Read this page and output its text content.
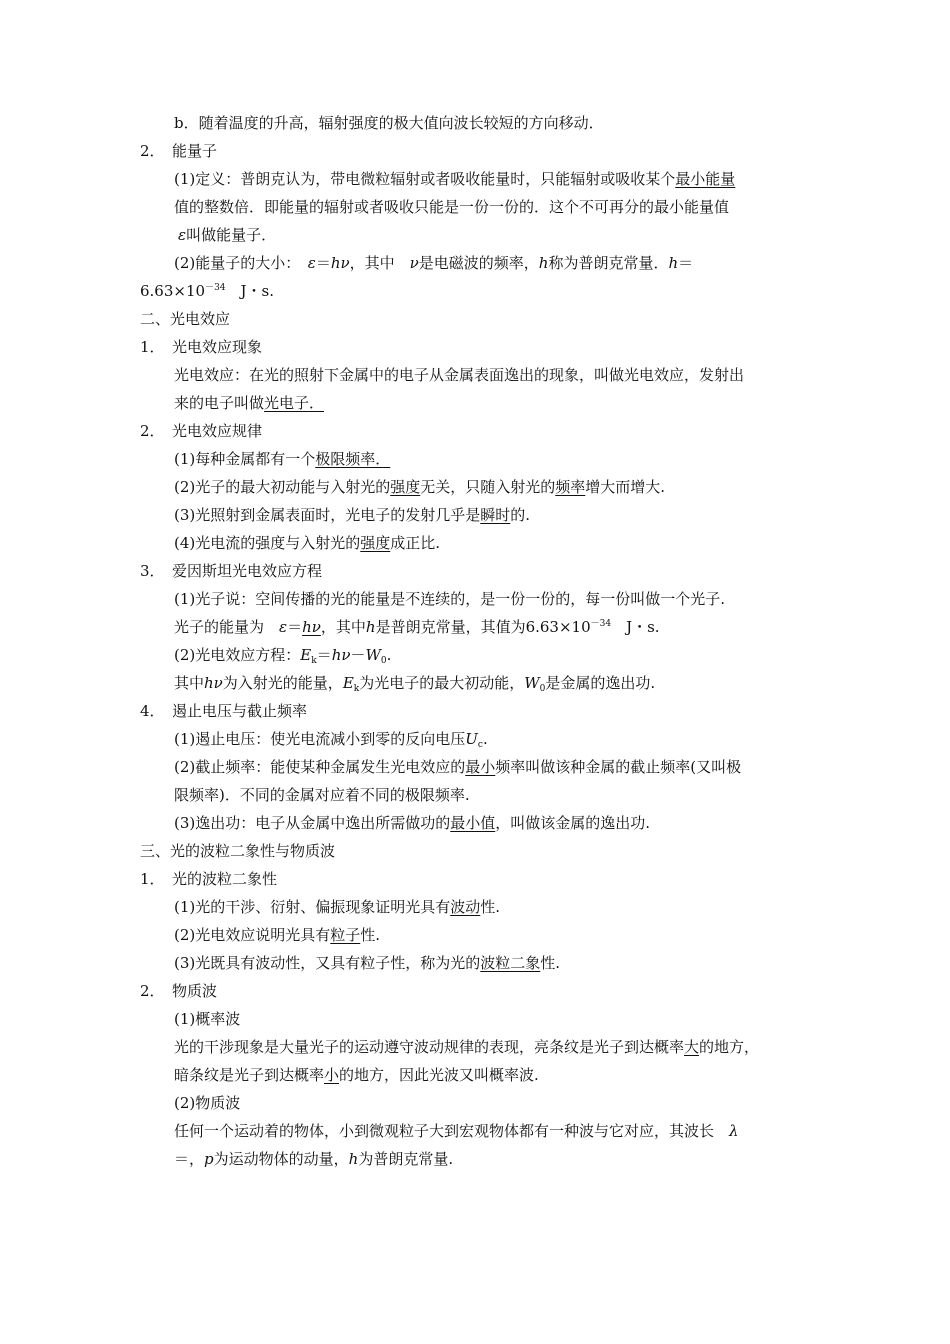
b．随着温度的升高，辐射强度的极大值向波长较短的方向移动．
2．　能量子
(1)定义：普朗克认为，带电微粒辐射或者吸收能量时，只能辐射或吸收某个最小能量
值的整数倍．即能量的辐射或者吸收只能是一份一份的．这个不可再分的最小能量值
ε叫做能量子．
(2)能量子的大小：　ε＝hν，其中　ν是电磁波的频率，h称为普朗克常量．h＝
$6.63\times 10^{-34}$　J・s.
二、光电效应
1．　光电效应现象
光电效应：在光的照射下金属中的电子从金属表面逸出的现象，叫做光电效应，发射出
来的电子叫做光电子．
2．　光电效应规律
(1)每种金属都有一个极限频率．
(2)光子的最大初动能与入射光的强度无关，只随入射光的频率增大而增大.
(3)光照射到金属表面时，光电子的发射几乎是瞬时的.
(4)光电流的强度与入射光的强度成正比.
3．　爱因斯坦光电效应方程
(1)光子说：空间传播的光的能量是不连续的，是一份一份的，每一份叫做一个光子.
光子的能量为　ε＝hν，其中h是普朗克常量，其值为$6.63\times 10^{-34}$　J・s.
(2)光电效应方程：$E_k=h\nu-W_0$.
其中hν为入射光的能量，$E_k$为光电子的最大初动能，$W_0$是金属的逸出功.
4．　遏止电压与截止频率
(1)遏止电压：使光电流减小到零的反向电压$U_c$.
(2)截止频率：能使某种金属发生光电效应的最小频率叫做该种金属的截止频率(又叫极
限频率)．不同的金属对应着不同的极限频率.
(3)逸出功：电子从金属中逸出所需做功的最小值，叫做该金属的逸出功.
三、光的波粒二象性与物质波
1．　光的波粒二象性
(1)光的干涉、衍射、偏振现象证明光具有波动性.
(2)光电效应说明光具有粒子性.
(3)光既具有波动性，又具有粒子性，称为光的波粒二象性.
2．　物质波
(1)概率波
光的干涉现象是大量光子的运动遵守波动规律的表现，亮条纹是光子到达概率大的地方，
暗条纹是光子到达概率小的地方，因此光波又叫概率波.
(2)物质波
任何一个运动着的物体，小到微观粒子大到宏观物体都有一种波与它对应，其波长　λ
＝，p为运动物体的动量，h为普朗克常量.
